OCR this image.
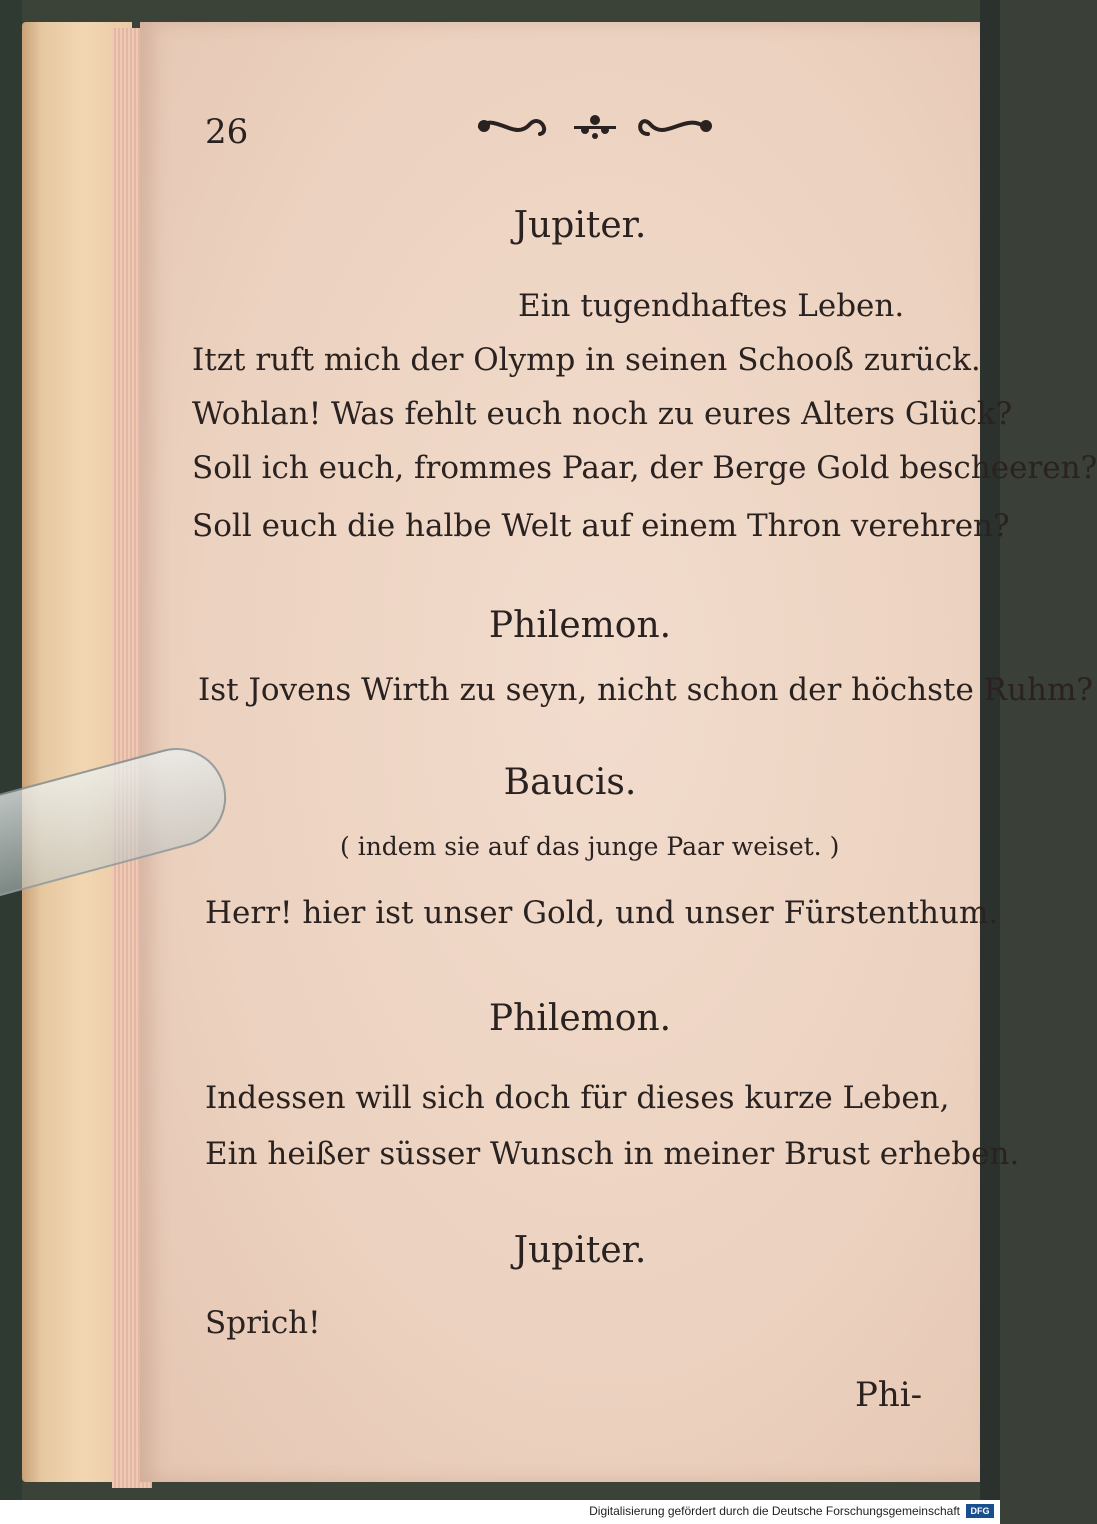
26
Jupiter.
Ein tugendhaftes Leben.
Itzt ruft mich der Olymp in seinen Schooß zurück.
Wohlan! Was fehlt euch noch zu eures Alters Glück?
Soll ich euch, frommes Paar, der Berge Gold bescheeren?
Soll euch die halbe Welt auf einem Thron verehren?
Philemon.
Ist Jovens Wirth zu seyn, nicht schon der höchste Ruhm?
Baucis.
( indem sie auf das junge Paar weiset. )
Herr! hier ist unser Gold, und unser Fürstenthum.
Philemon.
Indessen will sich doch für dieses kurze Leben,
Ein heißer süsser Wunsch in meiner Brust erheben.
Jupiter.
Sprich!
Phi-
Digitalisierung gefördert durch die Deutsche Forschungsgemeinschaft	DFG
